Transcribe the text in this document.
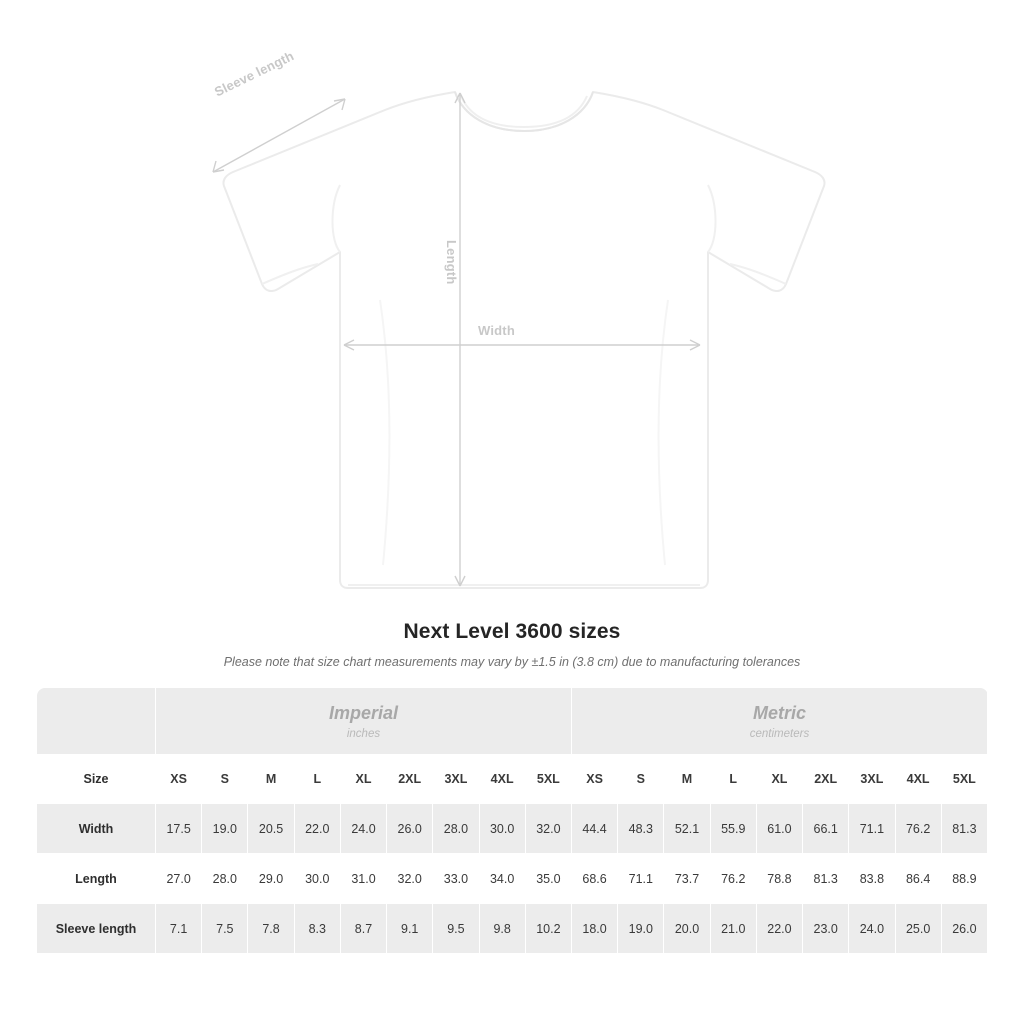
Width
Length
Sleeve length
Next Level 3600 sizes
Please note that size chart measurements may vary by ±1.5 in (3.8 cm) due to manufacturing tolerances

Imperial
inches

Metric
centimeters

Size	XS	S	M	L	XL	2XL	3XL	4XL	5XL	XS	S	M	L	XL	2XL	3XL	4XL	5XL
Width	17.5	19.0	20.5	22.0	24.0	26.0	28.0	30.0	32.0	44.4	48.3	52.1	55.9	61.0	66.1	71.1	76.2	81.3
Length	27.0	28.0	29.0	30.0	31.0	32.0	33.0	34.0	35.0	68.6	71.1	73.7	76.2	78.8	81.3	83.8	86.4	88.9
Sleeve length	7.1	7.5	7.8	8.3	8.7	9.1	9.5	9.8	10.2	18.0	19.0	20.0	21.0	22.0	23.0	24.0	25.0	26.0
